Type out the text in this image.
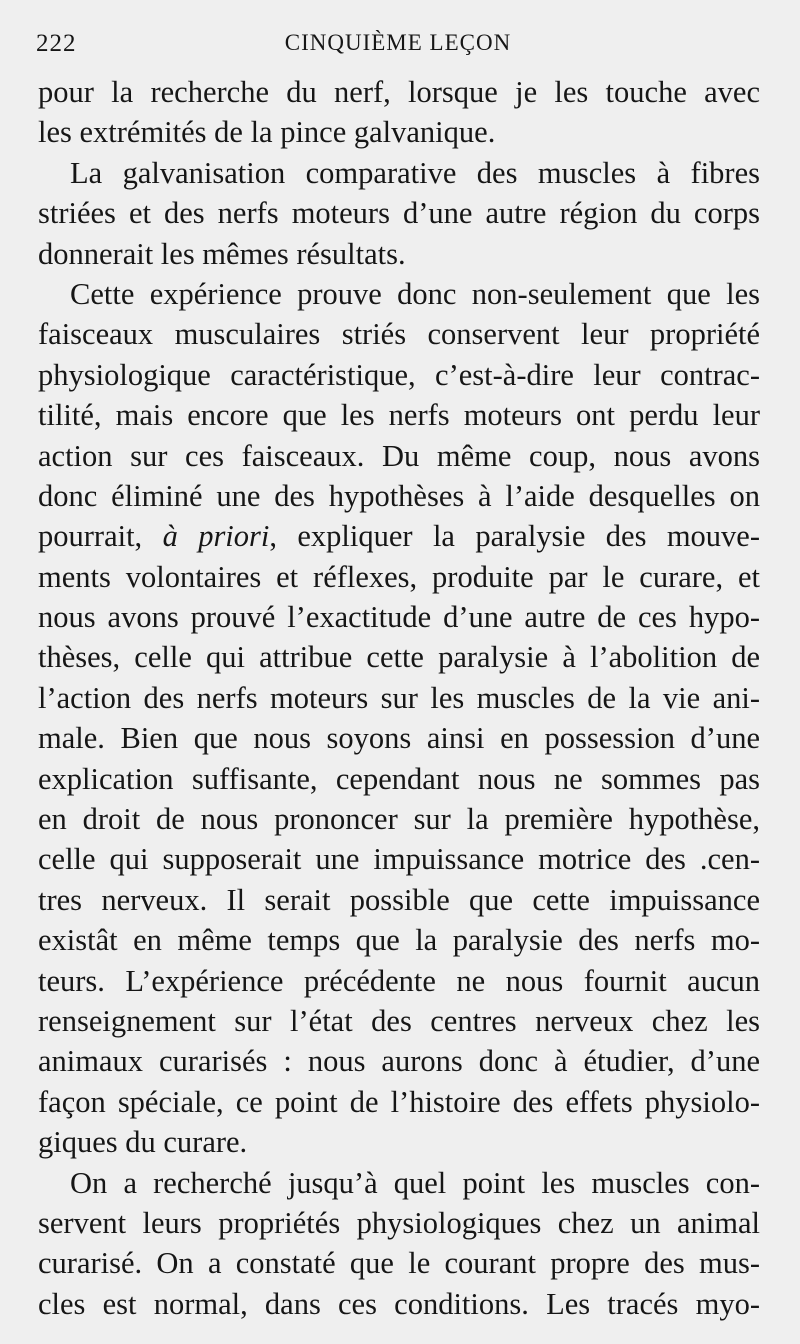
222	CINQUIÈME LEÇON
pour la recherche du nerf, lorsque je les touche avec
les extrémités de la pince galvanique.
La galvanisation comparative des muscles à fibres
striées et des nerfs moteurs d’une autre région du corps
donnerait les mêmes résultats.
Cette expérience prouve donc non-seulement que les
faisceaux musculaires striés conservent leur propriété
physiologique caractéristique, c’est-à-dire leur contrac-
tilité, mais encore que les nerfs moteurs ont perdu leur
action sur ces faisceaux. Du même coup, nous avons
donc éliminé une des hypothèses à l’aide desquelles on
pourrait, à priori, expliquer la paralysie des mouve-
ments volontaires et réflexes, produite par le curare, et
nous avons prouvé l’exactitude d’une autre de ces hypo-
thèses, celle qui attribue cette paralysie à l’abolition de
l’action des nerfs moteurs sur les muscles de la vie ani-
male. Bien que nous soyons ainsi en possession d’une
explication suffisante, cependant nous ne sommes pas
en droit de nous prononcer sur la première hypothèse,
celle qui supposerait une impuissance motrice des .cen-
tres nerveux. Il serait possible que cette impuissance
existât en même temps que la paralysie des nerfs mo-
teurs. L’expérience précédente ne nous fournit aucun
renseignement sur l’état des centres nerveux chez les
animaux curarisés : nous aurons donc à étudier, d’une
façon spéciale, ce point de l’histoire des effets physiolo-
giques du curare.
On a recherché jusqu’à quel point les muscles con-
servent leurs propriétés physiologiques chez un animal
curarisé. On a constaté que le courant propre des mus-
cles est normal, dans ces conditions. Les tracés myo-
